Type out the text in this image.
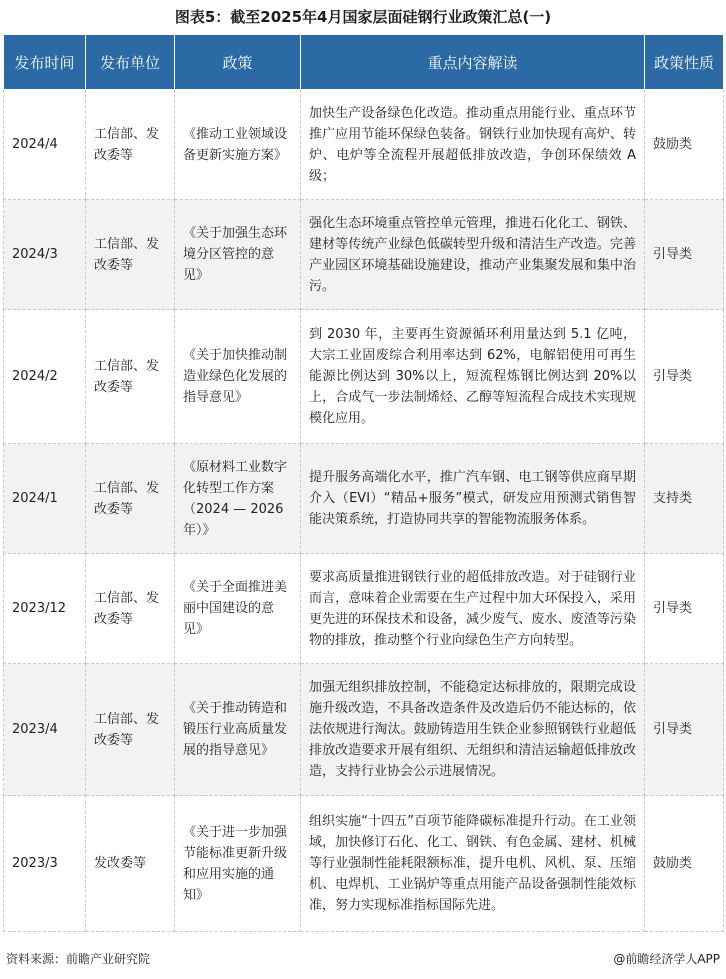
图表5：截至2025年4月国家层面硅钢行业政策汇总(一)
发布时间	发布单位	政策	重点内容解读	政策性质
2024/4	工信部、发改委等	《推动工业领域设备更新实施方案》	加快生产设备绿色化改造。推动重点用能行业、重点环节推广应用节能环保绿色装备。钢铁行业加快现有高炉、转炉、电炉等全流程开展超低排放改造，争创环保绩效 A 级；	鼓励类
2024/3	工信部、发改委等	《关于加强生态环境分区管控的意见》	强化生态环境重点管控单元管理，推进石化化工、钢铁、建材等传统产业绿色低碳转型升级和清洁生产改造。完善产业园区环境基础设施建设，推动产业集聚发展和集中治污。	引导类
2024/2	工信部、发改委等	《关于加快推动制造业绿色化发展的指导意见》	到 2030 年，主要再生资源循环利用量达到 5.1 亿吨，大宗工业固废综合利用率达到 62%，电解铝使用可再生能源比例达到 30%以上，短流程炼钢比例达到 20%以上，合成气一步法制烯烃、乙醇等短流程合成技术实现规模化应用。	引导类
2024/1	工信部、发改委等	《原材料工业数字化转型工作方案（2024 — 2026年）》	提升服务高端化水平，推广汽车钢、电工钢等供应商早期介入（EVI）“精品+服务”模式，研发应用预测式销售智能决策系统，打造协同共享的智能物流服务体系。	支持类
2023/12	工信部、发改委等	《关于全面推进美丽中国建设的意见》	要求高质量推进钢铁行业的超低排放改造。对于硅钢行业而言，意味着企业需要在生产过程中加大环保投入，采用更先进的环保技术和设备，减少废气、废水、废渣等污染物的排放，推动整个行业向绿色生产方向转型。	引导类
2023/4	工信部、发改委等	《关于推动铸造和锻压行业高质量发展的指导意见》	加强无组织排放控制，不能稳定达标排放的，限期完成设施升级改造，不具备改造条件及改造后仍不能达标的，依法依规进行淘汰。鼓励铸造用生铁企业参照钢铁行业超低排放改造要求开展有组织、无组织和清洁运输超低排放改造，支持行业协会公示进展情况。	引导类
2023/3	发改委等	《关于进一步加强节能标准更新升级和应用实施的通知》	组织实施“十四五”百项节能降碳标准提升行动。在工业领域，加快修订石化、化工、钢铁、有色金属、建材、机械等行业强制性能耗限额标准，提升电机、风机、泵、压缩机、电焊机、工业锅炉等重点用能产品设备强制性能效标准，努力实现标准指标国际先进。	鼓励类
资料来源：前瞻产业研究院	@前瞻经济学人APP
